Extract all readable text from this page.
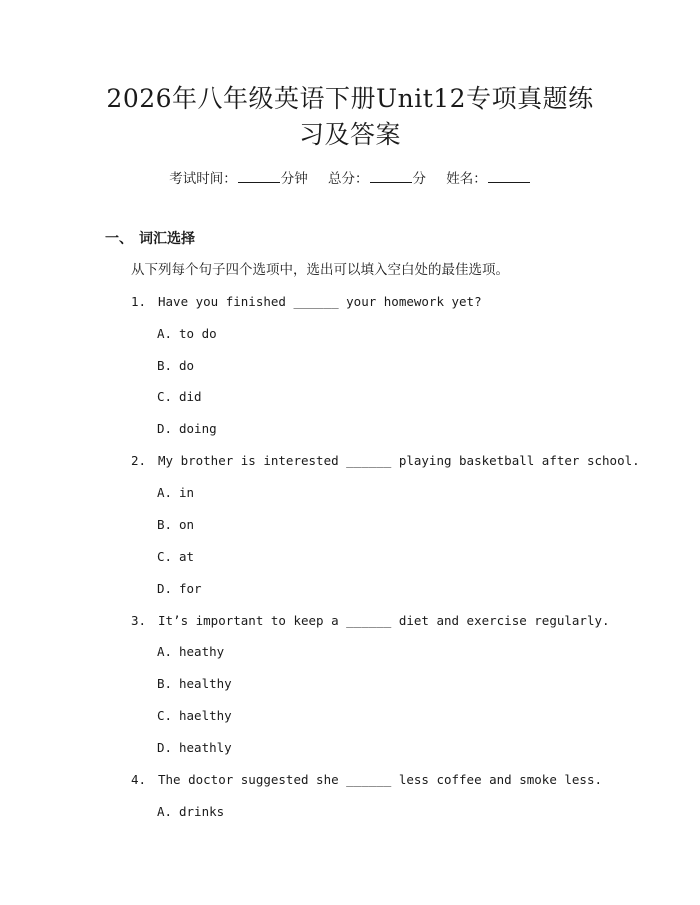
2026年八年级英语下册Unit12专项真题练
习及答案
考试时间：	分钟 总分：	分 姓名：
一、 词汇选择
从下列每个句子四个选项中，选出可以填入空白处的最佳选项。
1. Have you finished ______ your homework yet?
A. to do
B. do
C. did
D. doing
2. My brother is interested ______ playing basketball after school.
A. in
B. on
C. at
D. for
3. It’s important to keep a ______ diet and exercise regularly.
A. heathy
B. healthy
C. haelthy
D. heathly
4. The doctor suggested she ______ less coffee and smoke less.
A. drinks
